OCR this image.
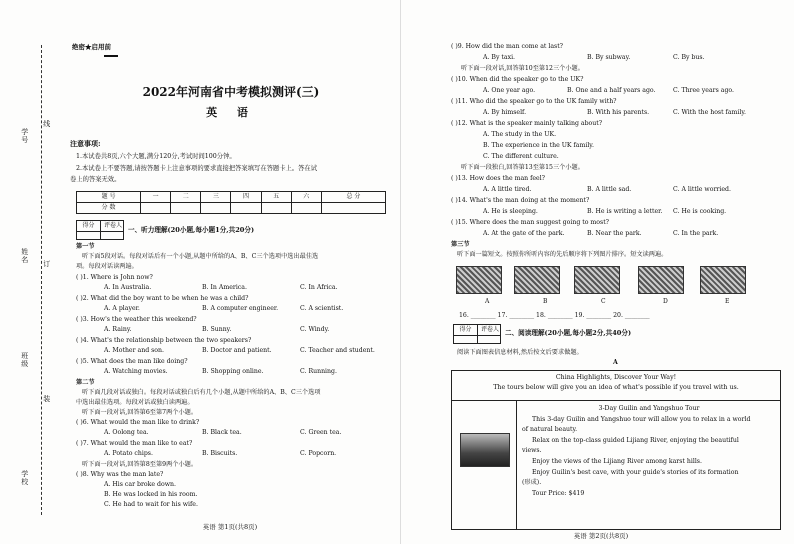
学号
线
姓名 订
班级
装
学校
绝密★启用前
2022年河南省中考模拟测评(三)
英 语
注意事项:
1.本试卷共8页,六个大题,满分120分,考试时间100分钟。
2.本试卷上不要答题,请按答题卡上注意事项的要求直接把答案填写在答题卡上。答在试
卷上的答案无效。
题 号	一	二	三	四	五	六	总 分
分 数							
得分	评卷人
一、听力理解(20小题,每小题1分,共20分)
第一节
听下面5段对话。每段对话后有一个小题,从题中所给的A、B、C三个选项中选出最佳选
项。每段对话读两遍。
( )1. Where is John now?
A. In Australia.	B. In America.	C. In Africa.
( )2. What did the boy want to be when he was a child?
A. A player.	B. A computer engineer.	C. A scientist.
( )3. How's the weather this weekend?
A. Rainy.	B. Sunny.	C. Windy.
( )4. What's the relationship between the two speakers?
A. Mother and son.	B. Doctor and patient.	C. Teacher and student.
( )5. What does the man like doing?
A. Watching movies.	B. Shopping online.	C. Running.
第二节
听下面几段对话或独白。每段对话或独白后有几个小题,从题中所给的A、B、C三个选项
中选出最佳选项。每段对话或独白读两遍。
听下面一段对话,回答第6至第7两个小题。
( )6. What would the man like to drink?
A. Oolong tea.	B. Black tea.	C. Green tea.
( )7. What would the man like to eat?
A. Potato chips.	B. Biscuits.	C. Popcorn.
听下面一段对话,回答第8至第9两个小题。
( )8. Why was the man late?
A. His car broke down.
B. He was locked in his room.
C. He had to wait for his wife.
英语 第1页(共8页)
( )9. How did the man come at last?
A. By taxi.	B. By subway.	C. By bus.
听下面一段对话,回答第10至第12三个小题。
( )10. When did the speaker go to the UK?
A. One year ago.	B. One and a half years ago.	C. Three years ago.
( )11. Who did the speaker go to the UK family with?
A. By himself.	B. With his parents.	C. With the host family.
( )12. What is the speaker mainly talking about?
A. The study in the UK.
B. The experience in the UK family.
C. The different culture.
听下面一段独白,回答第13至第15三个小题。
( )13. How does the man feel?
A. A little tired.	B. A little sad.	C. A little worried.
( )14. What's the man doing at the moment?
A. He is sleeping.	B. He is writing a letter. C. He is cooking.
( )15. Where does the man suggest going to most?
A. At the gate of the park.	B. Near the park.	C. In the park.
第三节
听下面一篇短文。按照你所听内容的先后顺序将下列图片排序。短文读两遍。
A	B	C	D	E
16. ________ 17. ________ 18. ________ 19. ________ 20. ________
得分	评卷人 二、阅读理解(20小题,每小题2分,共40分)
阅读下面图表信息材料,然后按文后要求做题。
A
China Highlights, Discover Your Way!
The tours below will give you an idea of what's possible if you travel with us.
3-Day Guilin and Yangshuo Tour
This 3-day Guilin and Yangshuo tour will allow you to relax in a world
of natural beauty.
Relax on the top-class guided Lijiang River, enjoying the beautiful
views.
Enjoy the views of the Lijiang River among karst hills.
Enjoy Guilin's best cave, with your guide's stories of its formation
(形成).
Tour Price: $419
英语 第2页(共8页)
